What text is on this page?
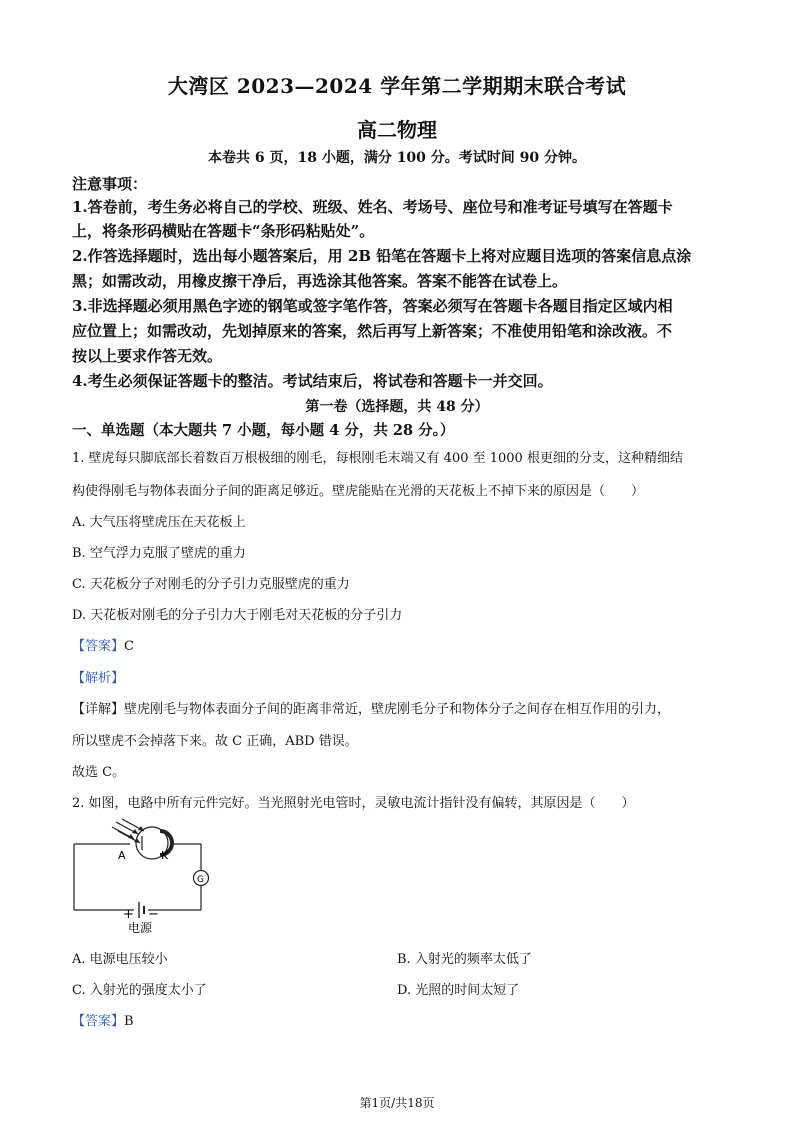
大湾区 2023—2024 学年第二学期期末联合考试
高二物理
本卷共 6 页，18 小题，满分 100 分。考试时间 90 分钟。
注意事项：
1.答卷前，考生务必将自己的学校、班级、姓名、考场号、座位号和准考证号填写在答题卡
上，将条形码横贴在答题卡“条形码粘贴处”。
2.作答选择题时，选出每小题答案后，用 2B 铅笔在答题卡上将对应题目选项的答案信息点涂
黑；如需改动，用橡皮擦干净后，再选涂其他答案。答案不能答在试卷上。
3.非选择题必须用黑色字迹的钢笔或签字笔作答，答案必须写在答题卡各题目指定区域内相
应位置上；如需改动，先划掉原来的答案，然后再写上新答案；不准使用铅笔和涂改液。不
按以上要求作答无效。
4.考生必须保证答题卡的整洁。考试结束后，将试卷和答题卡一并交回。
第一卷（选择题，共 48 分）
一、单选题（本大题共 7 小题，每小题 4 分，共 28 分。）
1. 壁虎每只脚底部长着数百万根极细的刚毛，每根刚毛末端又有 400 至 1000 根更细的分支，这种精细结
构使得刚毛与物体表面分子间的距离足够近。壁虎能贴在光滑的天花板上不掉下来的原因是（　　）
A. 大气压将壁虎压在天花板上
B. 空气浮力克服了壁虎的重力
C. 天花板分子对刚毛的分子引力克服壁虎的重力
D. 天花板对刚毛的分子引力大于刚毛对天花板的分子引力
【答案】C
【解析】
【详解】壁虎刚毛与物体表面分子间的距离非常近，壁虎刚毛分子和物体分子之间存在相互作用的引力，
所以壁虎不会掉落下来。故 C 正确，ABD 错误。
故选 C。
2. 如图，电路中所有元件完好。当光照射光电管时，灵敏电流计指针没有偏转，其原因是（　　）
A	K
G
+ −
电源
A. 电源电压较小	B. 入射光的频率太低了
C. 入射光的强度太小了	D. 光照的时间太短了
【答案】B
第1页/共18页
